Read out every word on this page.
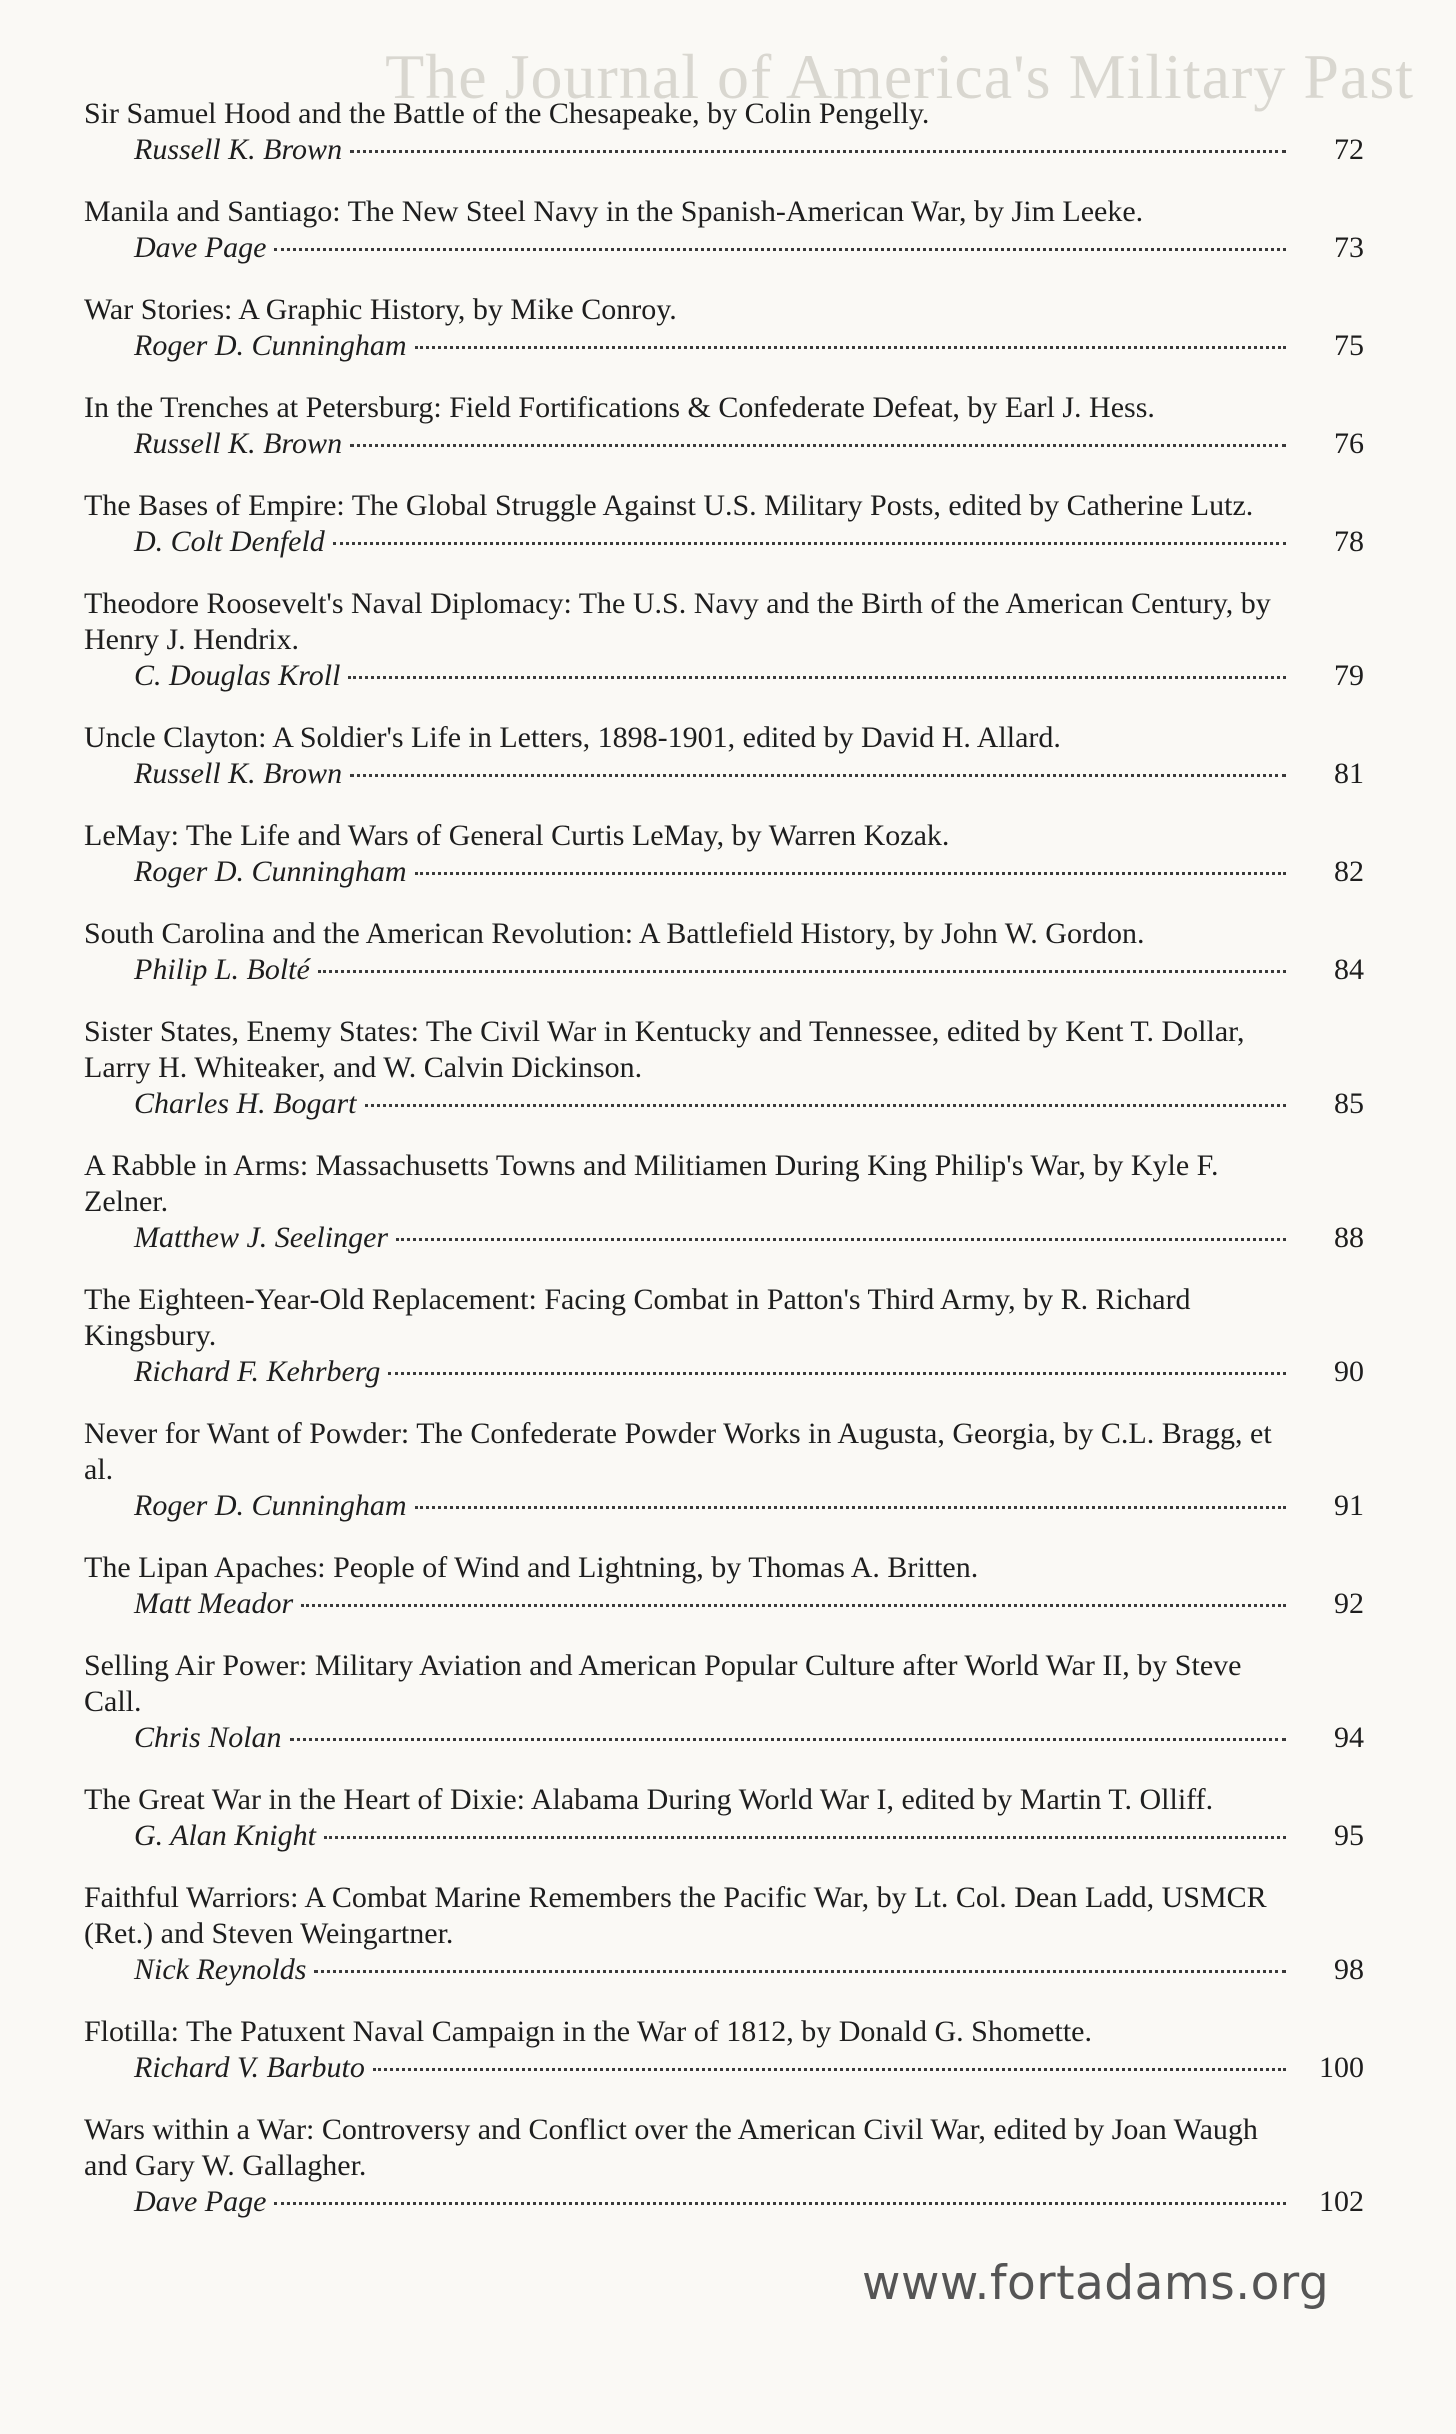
The Journal of America's Military Past
Sir Samuel Hood and the Battle of the Chesapeake, by Colin Pengelly.
Russell K. Brown	72
Manila and Santiago: The New Steel Navy in the Spanish-American War, by Jim Leeke.
Dave Page	73
War Stories: A Graphic History, by Mike Conroy.
Roger D. Cunningham	75
In the Trenches at Petersburg: Field Fortifications & Confederate Defeat, by Earl J. Hess.
Russell K. Brown	76
The Bases of Empire: The Global Struggle Against U.S. Military Posts, edited by Catherine Lutz.
D. Colt Denfeld	78
Theodore Roosevelt's Naval Diplomacy: The U.S. Navy and the Birth of the American Century, by Henry J. Hendrix.
C. Douglas Kroll	79
Uncle Clayton: A Soldier's Life in Letters, 1898-1901, edited by David H. Allard.
Russell K. Brown	81
LeMay: The Life and Wars of General Curtis LeMay, by Warren Kozak.
Roger D. Cunningham	82
South Carolina and the American Revolution: A Battlefield History, by John W. Gordon.
Philip L. Bolté	84
Sister States, Enemy States: The Civil War in Kentucky and Tennessee, edited by Kent T. Dollar, Larry H. Whiteaker, and W. Calvin Dickinson.
Charles H. Bogart	85
A Rabble in Arms: Massachusetts Towns and Militiamen During King Philip's War, by Kyle F. Zelner.
Matthew J. Seelinger	88
The Eighteen-Year-Old Replacement: Facing Combat in Patton's Third Army, by R. Richard Kingsbury.
Richard F. Kehrberg	90
Never for Want of Powder: The Confederate Powder Works in Augusta, Georgia, by C.L. Bragg, et al.
Roger D. Cunningham	91
The Lipan Apaches: People of Wind and Lightning, by Thomas A. Britten.
Matt Meador	92
Selling Air Power: Military Aviation and American Popular Culture after World War II, by Steve Call.
Chris Nolan	94
The Great War in the Heart of Dixie: Alabama During World War I, edited by Martin T. Olliff.
G. Alan Knight	95
Faithful Warriors: A Combat Marine Remembers the Pacific War, by Lt. Col. Dean Ladd, USMCR (Ret.) and Steven Weingartner.
Nick Reynolds	98
Flotilla: The Patuxent Naval Campaign in the War of 1812, by Donald G. Shomette.
Richard V. Barbuto	100
Wars within a War: Controversy and Conflict over the American Civil War, edited by Joan Waugh and Gary W. Gallagher.
Dave Page	102
www.fortadams.org
